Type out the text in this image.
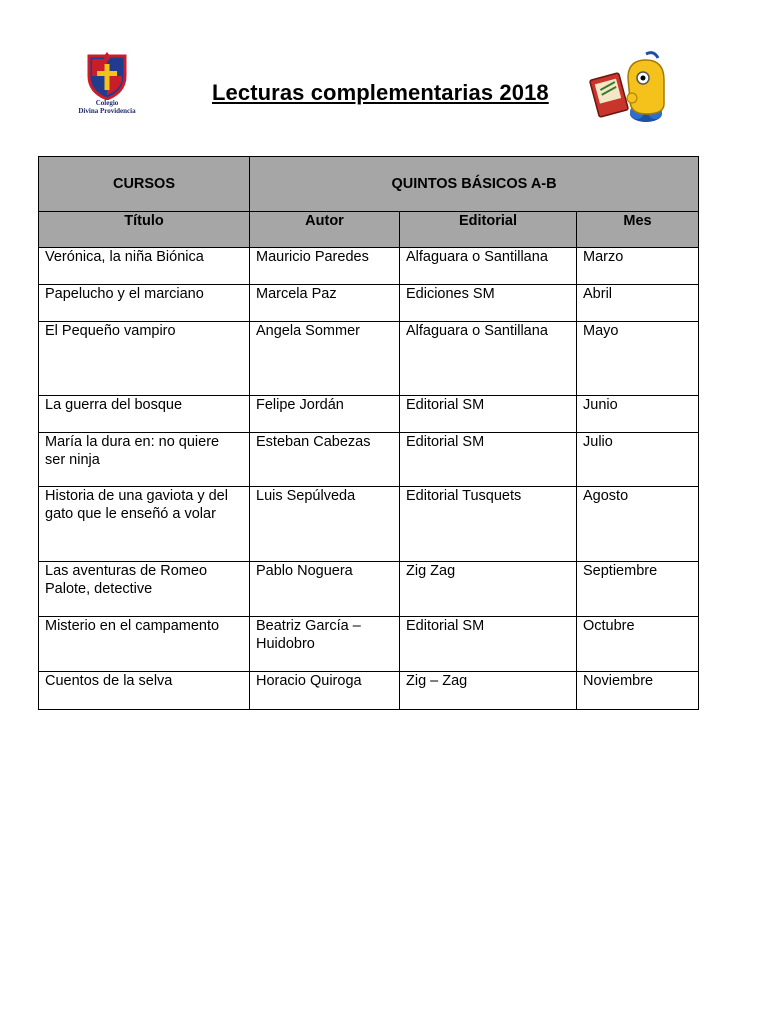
Colegio
Divina Providencia
Lecturas complementarias 2018
CURSOS	QUINTOS BÁSICOS A-B		
Título	Autor	Editorial	Mes
Verónica, la niña Biónica	Mauricio Paredes	Alfaguara o Santillana	Marzo
Papelucho y el marciano	Marcela Paz	Ediciones SM	Abril
El Pequeño vampiro	Angela Sommer	Alfaguara o Santillana	Mayo
La guerra del bosque	Felipe Jordán	Editorial SM	Junio
María la dura en: no quiere ser ninja	Esteban Cabezas	Editorial SM	Julio
Historia de una gaviota y del gato que le enseñó a volar	Luis Sepúlveda	Editorial Tusquets	Agosto
Las aventuras de Romeo Palote, detective	Pablo Noguera	Zig Zag	Septiembre
Misterio en el campamento	Beatriz García – Huidobro	Editorial SM	Octubre
Cuentos de la selva	Horacio Quiroga	Zig – Zag	Noviembre
